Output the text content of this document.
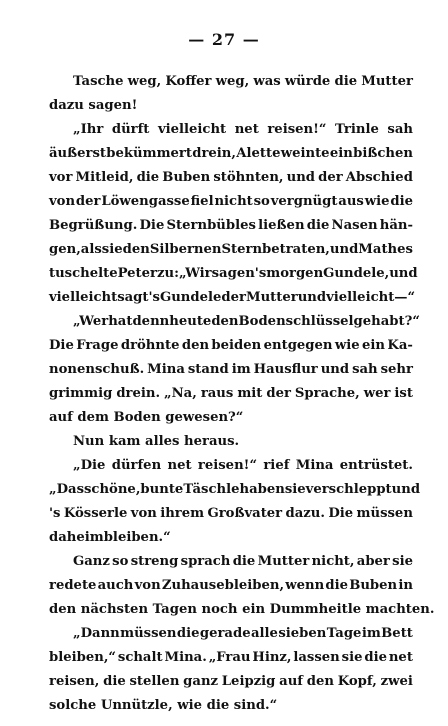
— 27 —
Tasche weg, Koffer weg, was würde die Mutter
dazu sagen!
„Ihr dürft vielleicht net reisen!“ Trinle sah
äußerst bekümmert drein, Alette weinte ein bißchen
vor Mitleid, die Buben stöhnten, und der Abschied
von der Löwengasse fiel nicht so vergnügt aus wie die
Begrüßung. Die Sternbübles ließen die Nasen hän-
gen, als sie den Silbernen Stern betraten, und Mathes
tuschelte Peter zu: „Wir sagen's morgen Gundele, und
vielleicht sagt's Gundele der Mutter und vielleicht —“
„Wer hat denn heute den Bodenschlüssel gehabt?“
Die Frage dröhnte den beiden entgegen wie ein Ka-
nonenschuß. Mina stand im Hausflur und sah sehr
grimmig drein. „Na, raus mit der Sprache, wer ist
auf dem Boden gewesen?“
Nun kam alles heraus.
„Die dürfen net reisen!“ rief Mina entrüstet.
„Das schöne, bunte Täschle haben sie verschleppt und
's Kösserle von ihrem Großvater dazu. Die müssen
daheimbleiben.“
Ganz so streng sprach die Mutter nicht, aber sie
redete auch von Zuhausebleiben, wenn die Buben in
den nächsten Tagen noch ein Dummheitle machten.
„Dann müssen die gerade alle sieben Tage im Bett
bleiben,“ schalt Mina. „Frau Hinz, lassen sie die net
reisen, die stellen ganz Leipzig auf den Kopf, zwei
solche Unnützle, wie die sind.“
